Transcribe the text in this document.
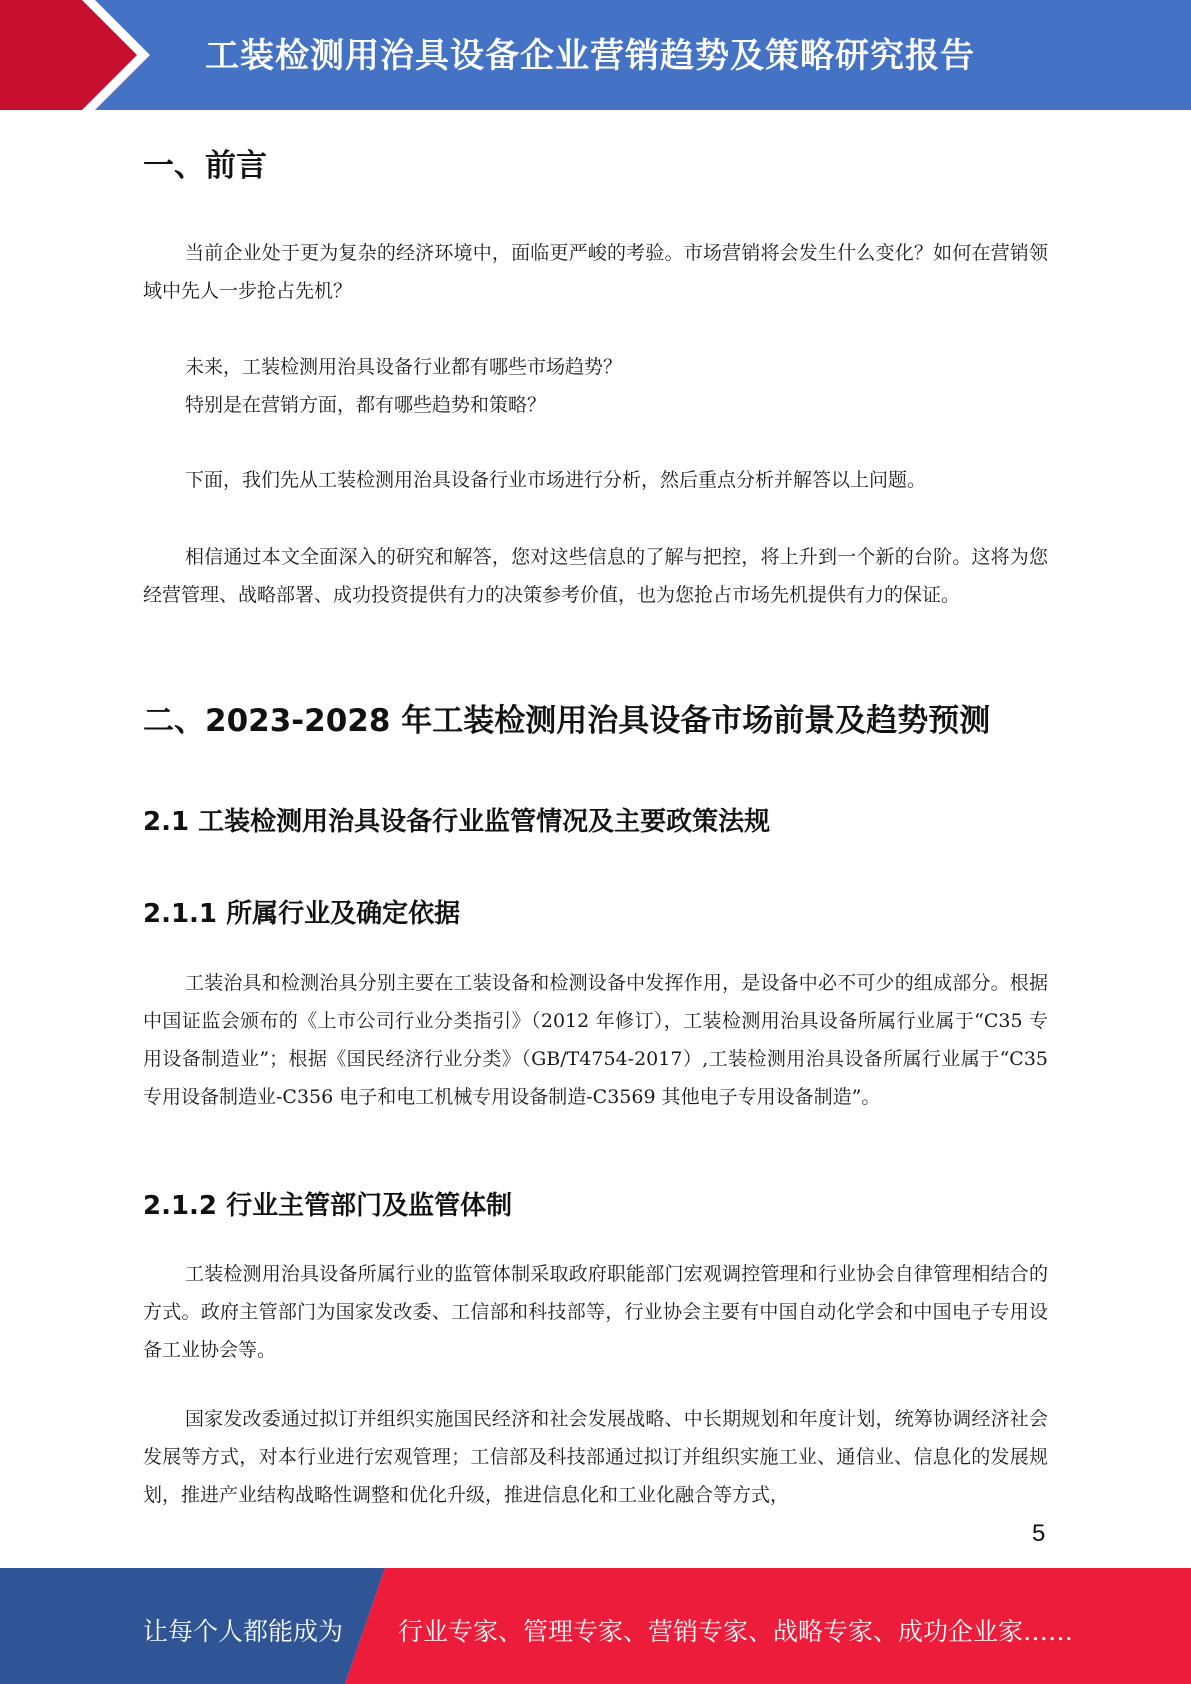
工装检测用治具设备企业营销趋势及策略研究报告
一、前言
当前企业处于更为复杂的经济环境中，面临更严峻的考验。市场营销将会发生什么变化？如何在营销领域中先人一步抢占先机？
未来，工装检测用治具设备行业都有哪些市场趋势？
特别是在营销方面，都有哪些趋势和策略？
下面，我们先从工装检测用治具设备行业市场进行分析，然后重点分析并解答以上问题。
相信通过本文全面深入的研究和解答，您对这些信息的了解与把控，将上升到一个新的台阶。这将为您经营管理、战略部署、成功投资提供有力的决策参考价值，也为您抢占市场先机提供有力的保证。
二、2023-2028 年工装检测用治具设备市场前景及趋势预测
2.1 工装检测用治具设备行业监管情况及主要政策法规
2.1.1 所属行业及确定依据
工装治具和检测治具分别主要在工装设备和检测设备中发挥作用，是设备中必不可少的组成部分。根据中国证监会颁布的《上市公司行业分类指引》（2012 年修订），工装检测用治具设备所属行业属于“C35 专用设备制造业”；根据《国民经济行业分类》（GB/T4754-2017）,工装检测用治具设备所属行业属于“C35 专用设备制造业-C356 电子和电工机械专用设备制造-C3569 其他电子专用设备制造”。
2.1.2 行业主管部门及监管体制
工装检测用治具设备所属行业的监管体制采取政府职能部门宏观调控管理和行业协会自律管理相结合的方式。政府主管部门为国家发改委、工信部和科技部等，行业协会主要有中国自动化学会和中国电子专用设备工业协会等。
国家发改委通过拟订并组织实施国民经济和社会发展战略、中长期规划和年度计划，统筹协调经济社会发展等方式，对本行业进行宏观管理；工信部及科技部通过拟订并组织实施工业、通信业、信息化的发展规划，推进产业结构战略性调整和优化升级，推进信息化和工业化融合等方式，
5
让每个人都能成为 行业专家、管理专家、营销专家、战略专家、成功企业家……
